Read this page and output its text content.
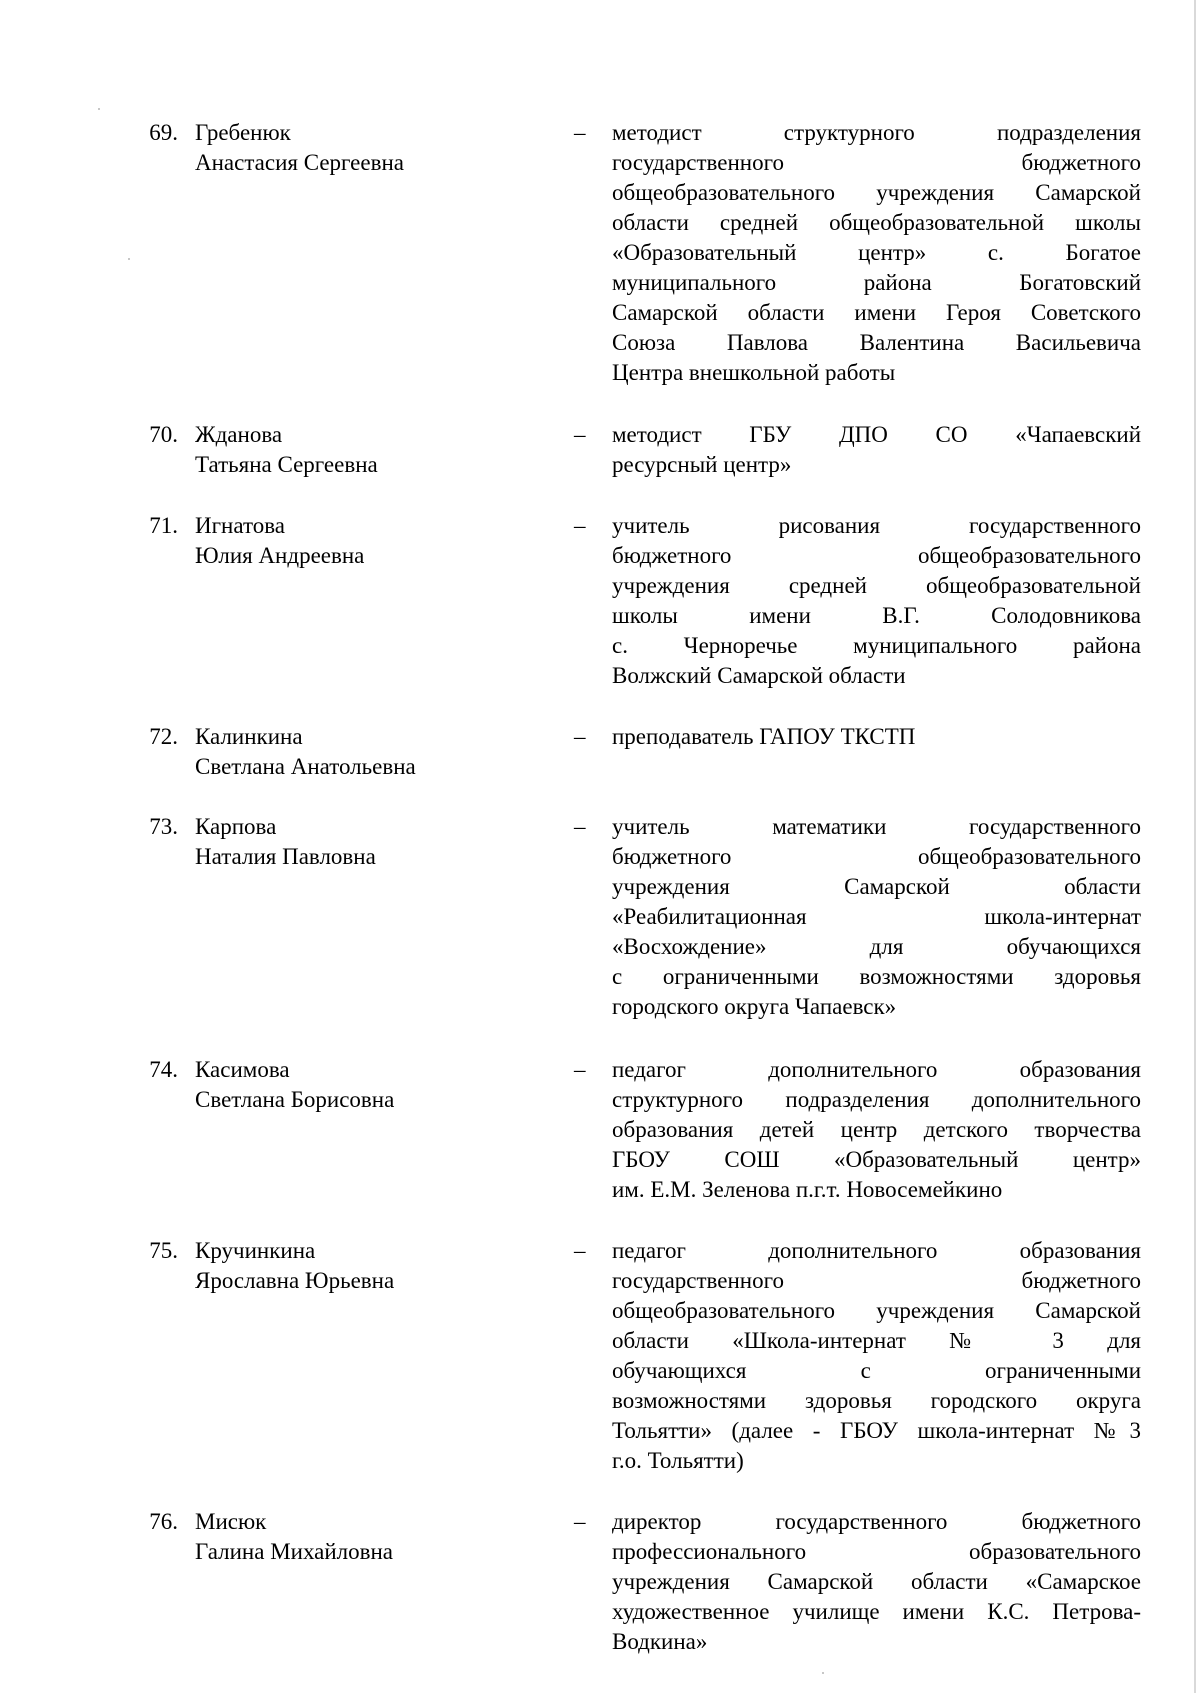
69. Гребенюк
Анастасия Сергеевна
– методист структурного подразделения
государственного бюджетного
общеобразовательного учреждения Самарской
области средней общеобразовательной школы
«Образовательный центр» с. Богатое
муниципального района Богатовский
Самарской области имени Героя Советского
Союза Павлова Валентина Васильевича
Центра внешкольной работы
70. Жданова
Татьяна Сергеевна
– методист ГБУ ДПО СО «Чапаевский
ресурсный центр»
71. Игнатова
Юлия Андреевна
– учитель рисования государственного
бюджетного общеобразовательного
учреждения средней общеобразовательной
школы имени В.Г. Солодовникова
с. Черноречье муниципального района
Волжский Самарской области
72. Калинкина
Светлана Анатольевна
– преподаватель ГАПОУ ТКСТП
73. Карпова
Наталия Павловна
– учитель математики государственного
бюджетного общеобразовательного
учреждения Самарской области
«Реабилитационная школа-интернат
«Восхождение» для обучающихся
с ограниченными возможностями здоровья
городского округа Чапаевск»
74. Касимова
Светлана Борисовна
– педагог дополнительного образования
структурного подразделения дополнительного
образования детей центр детского творчества
ГБОУ СОШ «Образовательный центр»
им. Е.М. Зеленова п.г.т. Новосемейкино
75. Кручинкина
Ярославна Юрьевна
– педагог дополнительного образования
государственного бюджетного
общеобразовательного учреждения Самарской
области «Школа-интернат № 3 для
обучающихся с ограниченными
возможностями здоровья городского округа
Тольятти» (далее - ГБОУ школа-интернат №3
г.о. Тольятти)
76. Мисюк
Галина Михайловна
– директор государственного бюджетного
профессионального образовательного
учреждения Самарской области «Самарское
художественное училище имени К.С. Петрова-
Водкина»
